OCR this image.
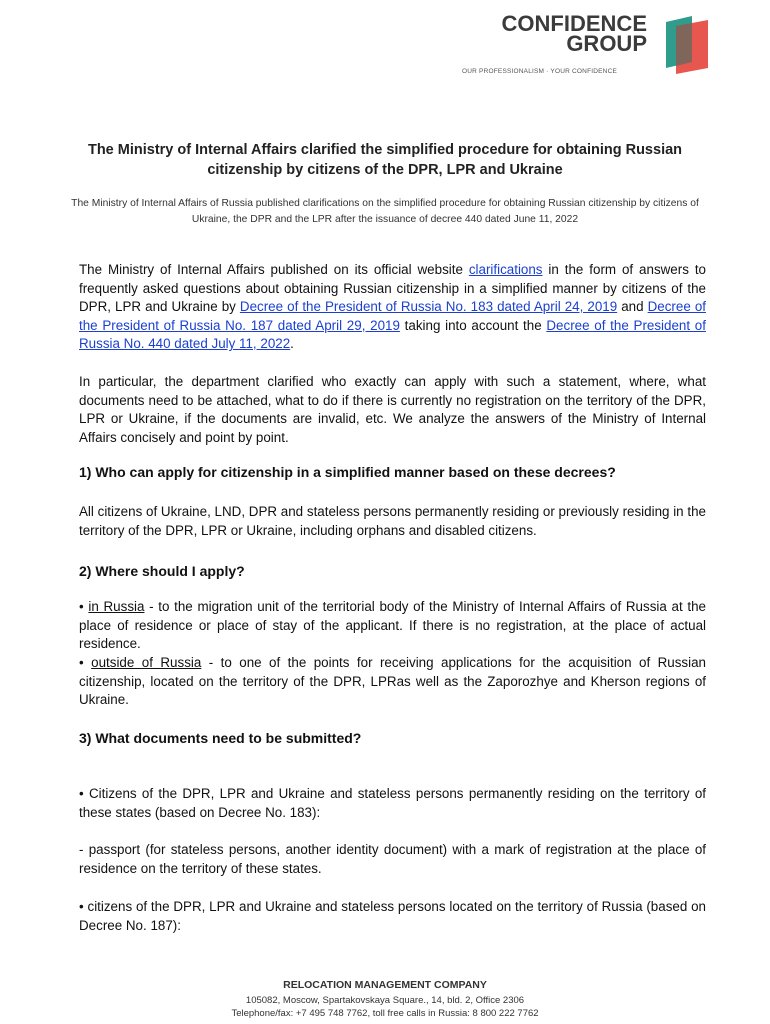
CONFIDENCE
GROUP
OUR PROFESSIONALISM · YOUR CONFIDENCE
The Ministry of Internal Affairs clarified the simplified procedure for obtaining Russian citizenship by citizens of the DPR, LPR and Ukraine
The Ministry of Internal Affairs of Russia published clarifications on the simplified procedure for obtaining Russian citizenship by citizens of Ukraine, the DPR and the LPR after the issuance of decree 440 dated June 11, 2022
The Ministry of Internal Affairs published on its official website clarifications in the form of answers to frequently asked questions about obtaining Russian citizenship in a simplified manner by citizens of the DPR, LPR and Ukraine by Decree of the President of Russia No. 183 dated April 24, 2019 and Decree of the President of Russia No. 187 dated April 29, 2019 taking into account the Decree of the President of Russia No. 440 dated July 11, 2022.
In particular, the department clarified who exactly can apply with such a statement, where, what documents need to be attached, what to do if there is currently no registration on the territory of the DPR, LPR or Ukraine, if the documents are invalid, etc. We analyze the answers of the Ministry of Internal Affairs concisely and point by point.
1) Who can apply for citizenship in a simplified manner based on these decrees?
All citizens of Ukraine, LND, DPR and stateless persons permanently residing or previously residing in the territory of the DPR, LPR or Ukraine, including orphans and disabled citizens.
2) Where should I apply?
• in Russia - to the migration unit of the territorial body of the Ministry of Internal Affairs of Russia at the place of residence or place of stay of the applicant. If there is no registration, at the place of actual residence.
• outside of Russia - to one of the points for receiving applications for the acquisition of Russian citizenship, located on the territory of the DPR, LPRas well as the Zaporozhye and Kherson regions of Ukraine.
3) What documents need to be submitted?
• Citizens of the DPR, LPR and Ukraine and stateless persons permanently residing on the territory of these states (based on Decree No. 183):
- passport (for stateless persons, another identity document) with a mark of registration at the place of residence on the territory of these states.
• citizens of the DPR, LPR and Ukraine and stateless persons located on the territory of Russia (based on Decree No. 187):
RELOCATION MANAGEMENT COMPANY
105082, Moscow, Spartakovskaya Square., 14, bld. 2, Office 2306
Telephone/fax: +7 495 748 7762, toll free calls in Russia: 8 800 222 7762
